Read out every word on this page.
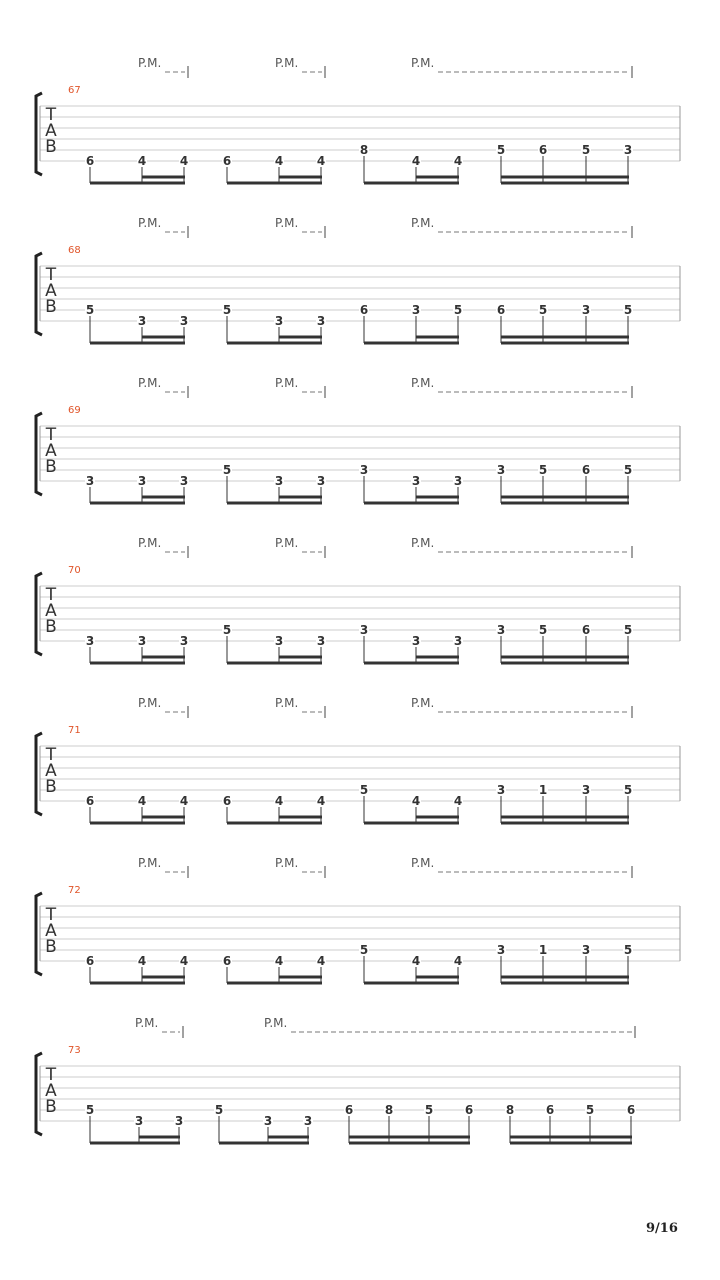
T
A
B
67
P.M.	P.M.	P.M.
6	4	4	6	4	4
8
4	4
5	6	5	3
T
A
B
68
P.M.	P.M.	P.M.
5
3	3
5
3	3
6	3	5	6	5	3	5
T
A
B
69
P.M.	P.M.	P.M.
3	3	3
5
3	3
3
3	3
3	5	6	5
T
A
B
70
P.M.	P.M.	P.M.
3	3	3
5
3	3
3
3	3
3	5	6	5
T
A
B
71
P.M.	P.M.	P.M.
6	4	4	6	4	4
5
4	4
3	1	3	5
T
A
B
72
P.M.	P.M.	P.M.
6	4	4	6	4	4
5
4	4
3	1	3	5
T
A
B
73
P.M.	P.M.
5
3	3
5
3	3
6	8	5	6	8	6	5	6
9/16
